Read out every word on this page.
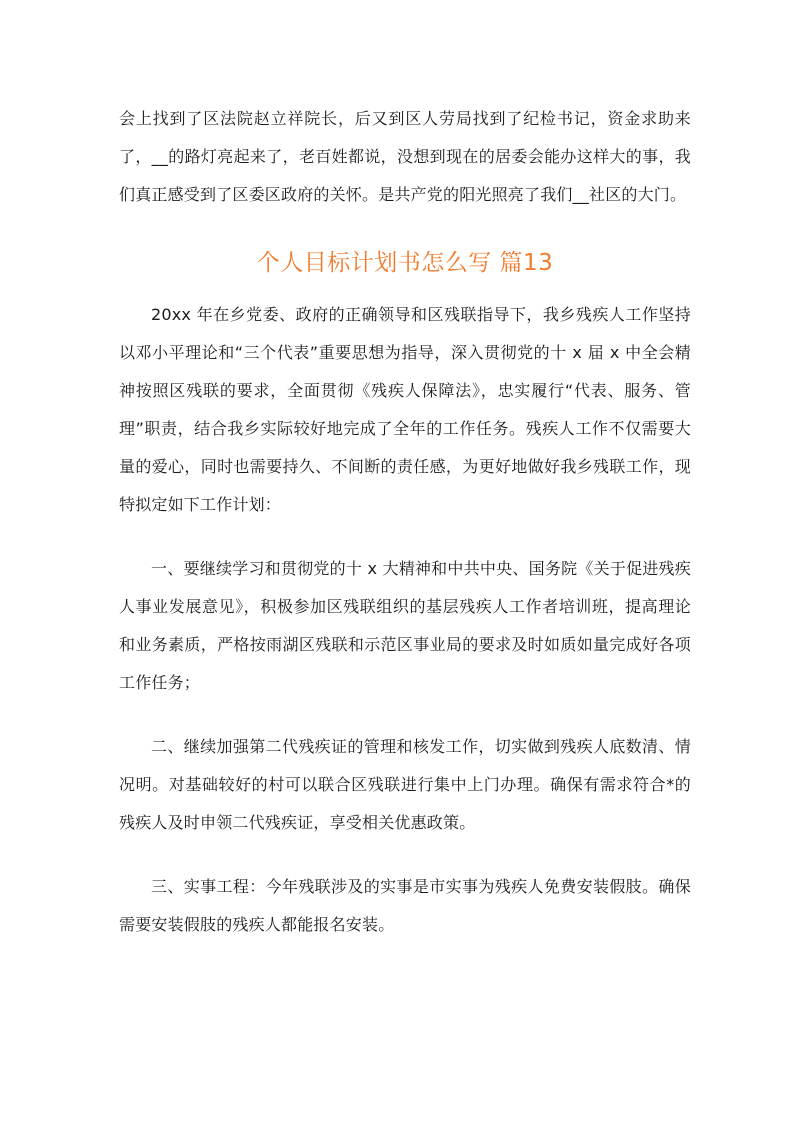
会上找到了区法院赵立祥院长，后又到区人劳局找到了纪检书记，资金求助来了，__的路灯亮起来了，老百姓都说，没想到现在的居委会能办这样大的事，我们真正感受到了区委区政府的关怀。是共产党的阳光照亮了我们__社区的大门。

个人目标计划书怎么写 篇13

20xx 年在乡党委、政府的正确领导和区残联指导下，我乡残疾人工作坚持以邓小平理论和“三个代表”重要思想为指导，深入贯彻党的十 x 届 x 中全会精神按照区残联的要求，全面贯彻《残疾人保障法》，忠实履行“代表、服务、管理”职责，结合我乡实际较好地完成了全年的工作任务。残疾人工作不仅需要大量的爱心，同时也需要持久、不间断的责任感，为更好地做好我乡残联工作，现特拟定如下工作计划：

一、要继续学习和贯彻党的十 x 大精神和中共中央、国务院《关于促进残疾人事业发展意见》，积极参加区残联组织的基层残疾人工作者培训班，提高理论和业务素质，严格按雨湖区残联和示范区事业局的要求及时如质如量完成好各项工作任务；

二、继续加强第二代残疾证的管理和核发工作，切实做到残疾人底数清、情况明。对基础较好的村可以联合区残联进行集中上门办理。确保有需求符合*的残疾人及时申领二代残疾证，享受相关优惠政策。

三、实事工程：今年残联涉及的实事是市实事为残疾人免费安装假肢。确保需要安装假肢的残疾人都能报名安装。
